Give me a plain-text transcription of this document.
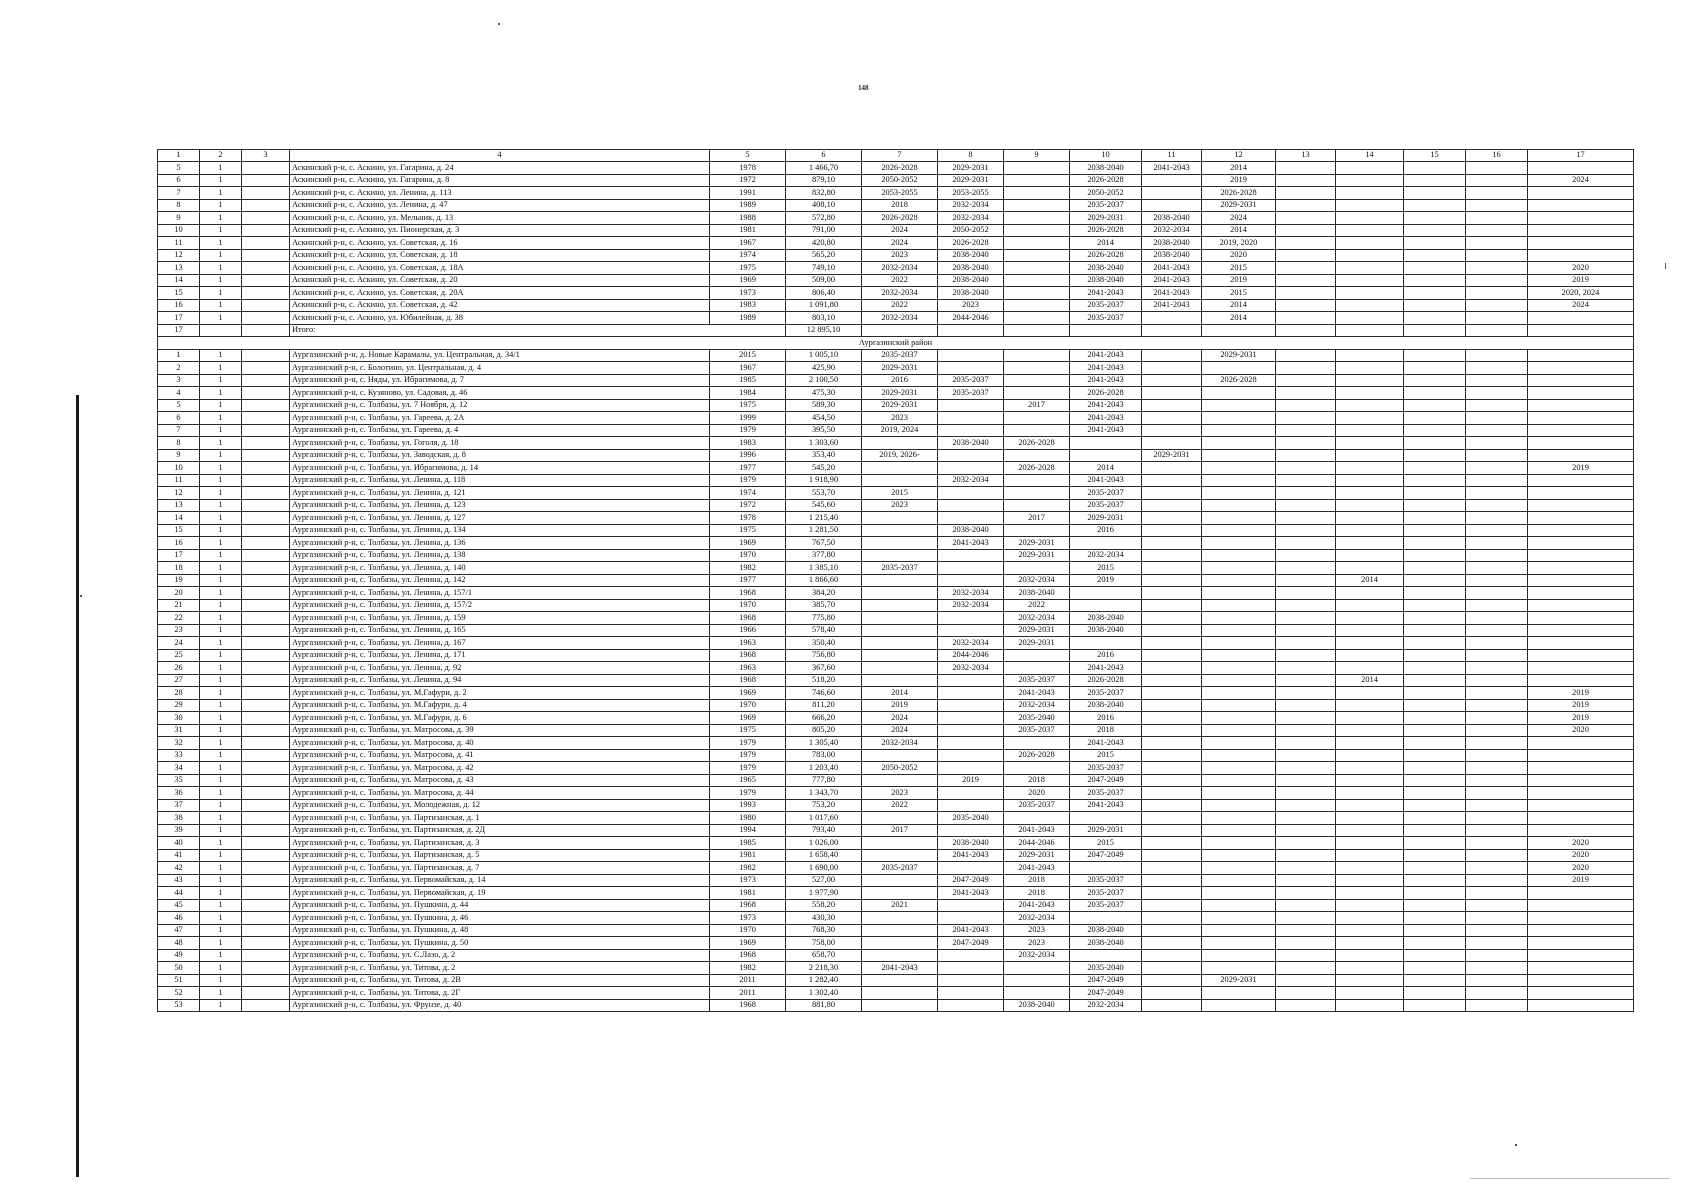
148
1	2	3	4	5	6	7	8	9	10	11	12	13	14	15	16	17
5	1		Аскинский р-н, с. Аскино, ул. Гагарина, д. 24	1978	1 466,70	2026-2028	2029-2031		2038-2040	2041-2043	2014					
6	1		Аскинский р-н, с. Аскино, ул. Гагарина, д. 8	1972	879,10	2050-2052	2029-2031		2026-2028		2019					2024
7	1		Аскинский р-н, с. Аскино, ул. Ленина, д. 113	1991	832,80	2053-2055	2053-2055		2050-2052		2026-2028					
8	1		Аскинский р-н, с. Аскино, ул. Ленина, д. 47	1989	408,10	2018	2032-2034		2035-2037		2029-2031					
9	1		Аскинский р-н, с. Аскино, ул. Мельник, д. 13	1988	572,80	2026-2028	2032-2034		2029-2031	2038-2040	2024					
10	1		Аскинский р-н, с. Аскино, ул. Пионерская, д. 3	1981	791,00	2024	2050-2052		2026-2028	2032-2034	2014					
11	1		Аскинский р-н, с. Аскино, ул. Советская, д. 16	1967	420,80	2024	2026-2028		2014	2038-2040	2019, 2020					
12	1		Аскинский р-н, с. Аскино, ул. Советская, д. 18	1974	565,20	2023	2038-2040		2026-2028	2038-2040	2020					
13	1		Аскинский р-н, с. Аскино, ул. Советская, д. 18А	1975	749,10	2032-2034	2038-2040		2038-2040	2041-2043	2015					2020
14	1		Аскинский р-н, с. Аскино, ул. Советская, д. 20	1969	509,00	2022	2038-2040		2038-2040	2041-2043	2019					2019
15	1		Аскинский р-н, с. Аскино, ул. Советская, д. 20А	1973	806,40	2032-2034	2038-2040		2041-2043	2041-2043	2015					2020, 2024
16	1		Аскинский р-н, с. Аскино, ул. Советская, д. 42	1983	1 091,80	2022	2023		2035-2037	2041-2043	2014					2024
17	1		Аскинский р-н, с. Аскино, ул. Юбилейная, д. 38	1989	803,10	2032-2034	2044-2046		2035-2037		2014					
17			Итого:		12 895,10											
Аургазинский район																
1	1		Аургазинский р-н, д. Новые Карамалы, ул. Центральная, д. 34/1	2015	1 005,10	2035-2037			2041-2043		2029-2031					
2	1		Аургазинский р-н, с. Болотино, ул. Центральная, д. 4	1967	425,90	2029-2031			2041-2043							
3	1		Аургазинский р-н, с. Няды, ул. Ибрагимова, д. 7	1985	2 100,50	2016	2035-2037		2041-2043		2026-2028					
4	1		Аургазинский р-н, с. Кузяново, ул. Садовая, д. 46	1984	475,30	2029-2031	2035-2037		2026-2028							
5	1		Аургазинский р-н, с. Толбазы, ул. 7 Ноября, д. 12	1975	589,30	2029-2031		2017	2041-2043							
6	1		Аургазинский р-н, с. Толбазы, ул. Гареева, д. 2А	1999	454,50	2023			2041-2043							
7	1		Аургазинский р-н, с. Толбазы, ул. Гареева, д. 4	1979	395,50	2019, 2024			2041-2043							
8	1		Аургазинский р-н, с. Толбазы, ул. Гоголя, д. 18	1983	1 303,60		2038-2040	2026-2028								
9	1		Аургазинский р-н, с. Толбазы, ул. Заводская, д. 8	1996	353,40	2019, 2026-				2029-2031						
10	1		Аургазинский р-н, с. Толбазы, ул. Ибрагимова, д. 14	1977	545,20			2026-2028	2014							2019
11	1		Аургазинский р-н, с. Толбазы, ул. Ленина, д. 118	1979	1 918,90		2032-2034		2041-2043							
12	1		Аургазинский р-н, с. Толбазы, ул. Ленина, д. 121	1974	553,70	2015			2035-2037							
13	1		Аургазинский р-н, с. Толбазы, ул. Ленина, д. 123	1972	545,60	2023			2035-2037							
14	1		Аургазинский р-н, с. Толбазы, ул. Ленина, д. 127	1978	1 215,40			2017	2029-2031							
15	1		Аургазинский р-н, с. Толбазы, ул. Ленина, д. 134	1975	1 281,50		2038-2040		2016							
16	1		Аургазинский р-н, с. Толбазы, ул. Ленина, д. 136	1969	767,50		2041-2043	2029-2031								
17	1		Аургазинский р-н, с. Толбазы, ул. Ленина, д. 138	1970	377,80			2029-2031	2032-2034							
18	1		Аургазинский р-н, с. Толбазы, ул. Ленина, д. 140	1982	1 385,10	2035-2037			2015							
19	1		Аургазинский р-н, с. Толбазы, ул. Ленина, д. 142	1977	1 866,60			2032-2034	2019				2014			
20	1		Аургазинский р-н, с. Толбазы, ул. Ленина, д. 157/1	1968	384,20		2032-2034	2038-2040								
21	1		Аургазинский р-н, с. Толбазы, ул. Ленина, д. 157/2	1970	385,70		2032-2034	2022								
22	1		Аургазинский р-н, с. Толбазы, ул. Ленина, д. 159	1968	775,80			2032-2034	2038-2040							
23	1		Аургазинский р-н, с. Толбазы, ул. Ленина, д. 165	1966	578,40			2029-2031	2038-2040							
24	1		Аургазинский р-н, с. Толбазы, ул. Ленина, д. 167	1963	350,40		2032-2034	2029-2031								
25	1		Аургазинский р-н, с. Толбазы, ул. Ленина, д. 171	1968	756,80		2044-2046		2016							
26	1		Аургазинский р-н, с. Толбазы, ул. Ленина, д. 92	1963	367,60		2032-2034		2041-2043							
27	1		Аургазинский р-н, с. Толбазы, ул. Ленина, д. 94	1968	518,20			2035-2037	2026-2028				2014			
28	1		Аургазинский р-н, с. Толбазы, ул. М.Гафури, д. 2	1969	746,60	2014		2041-2043	2035-2037							2019
29	1		Аургазинский р-н, с. Толбазы, ул. М.Гафури, д. 4	1970	811,20	2019		2032-2034	2038-2040							2019
30	1		Аургазинский р-н, с. Толбазы, ул. М.Гафури, д. 6	1969	666,20	2024		2035-2040	2016							2019
31	1		Аургазинский р-н, с. Толбазы, ул. Матросова, д. 39	1975	805,20	2024		2035-2037	2018							2020
32	1		Аургазинский р-н, с. Толбазы, ул. Матросова, д. 40	1979	1 305,40	2032-2034			2041-2043							
33	1		Аургазинский р-н, с. Толбазы, ул. Матросова, д. 41	1979	783,00			2026-2028	2015							
34	1		Аургазинский р-н, с. Толбазы, ул. Матросова, д. 42	1979	1 203,40	2050-2052			2035-2037							
35	1		Аургазинский р-н, с. Толбазы, ул. Матросова, д. 43	1965	777,80		2019	2018	2047-2049							
36	1		Аургазинский р-н, с. Толбазы, ул. Матросова, д. 44	1979	1 343,70	2023		2020	2035-2037							
37	1		Аургазинский р-н, с. Толбазы, ул. Молодежная, д. 12	1993	753,20	2022		2035-2037	2041-2043							
38	1		Аургазинский р-н, с. Толбазы, ул. Партизанская, д. 1	1980	1 017,60		2035-2040									
39	1		Аургазинский р-н, с. Толбазы, ул. Партизанская, д. 2Д	1994	793,40	2017		2041-2043	2029-2031							
40	1		Аургазинский р-н, с. Толбазы, ул. Партизанская, д. 3	1985	1 026,00		2038-2040	2044-2046	2015							2020
41	1		Аургазинский р-н, с. Толбазы, ул. Партизанская, д. 5	1981	1 658,40		2041-2043	2029-2031	2047-2049							2020
42	1		Аургазинский р-н, с. Толбазы, ул. Партизанская, д. 7	1982	1 690,00	2035-2037		2041-2043								2020
43	1		Аургазинский р-н, с. Толбазы, ул. Первомайская, д. 14	1973	527,00		2047-2049	2018	2035-2037							2019
44	1		Аургазинский р-н, с. Толбазы, ул. Первомайская, д. 19	1981	1 977,90		2041-2043	2018	2035-2037							
45	1		Аургазинский р-н, с. Толбазы, ул. Пушкина, д. 44	1968	558,20	2021		2041-2043	2035-2037							
46	1		Аургазинский р-н, с. Толбазы, ул. Пушкина, д. 46	1973	430,30			2032-2034								
47	1		Аургазинский р-н, с. Толбазы, ул. Пушкина, д. 48	1970	768,30		2041-2043	2023	2038-2040							
48	1		Аургазинский р-н, с. Толбазы, ул. Пушкина, д. 50	1969	758,00		2047-2049	2023	2038-2040							
49	1		Аургазинский р-н, с. Толбазы, ул. С.Лазо, д. 2	1968	658,70			2032-2034								
50	1		Аургазинский р-н, с. Толбазы, ул. Титова, д. 2	1982	2 218,30	2041-2043			2035-2040							
51	1		Аургазинский р-н, с. Толбазы, ул. Титова, д. 2В	2011	1 282,40				2047-2049		2029-2031					
52	1		Аургазинский р-н, с. Толбазы, ул. Титова, д. 2Г	2011	1 302,40				2047-2049							
53	1		Аургазинский р-н, с. Толбазы, ул. Фрунзе, д. 40	1968	881,80			2038-2040	2032-2034							
